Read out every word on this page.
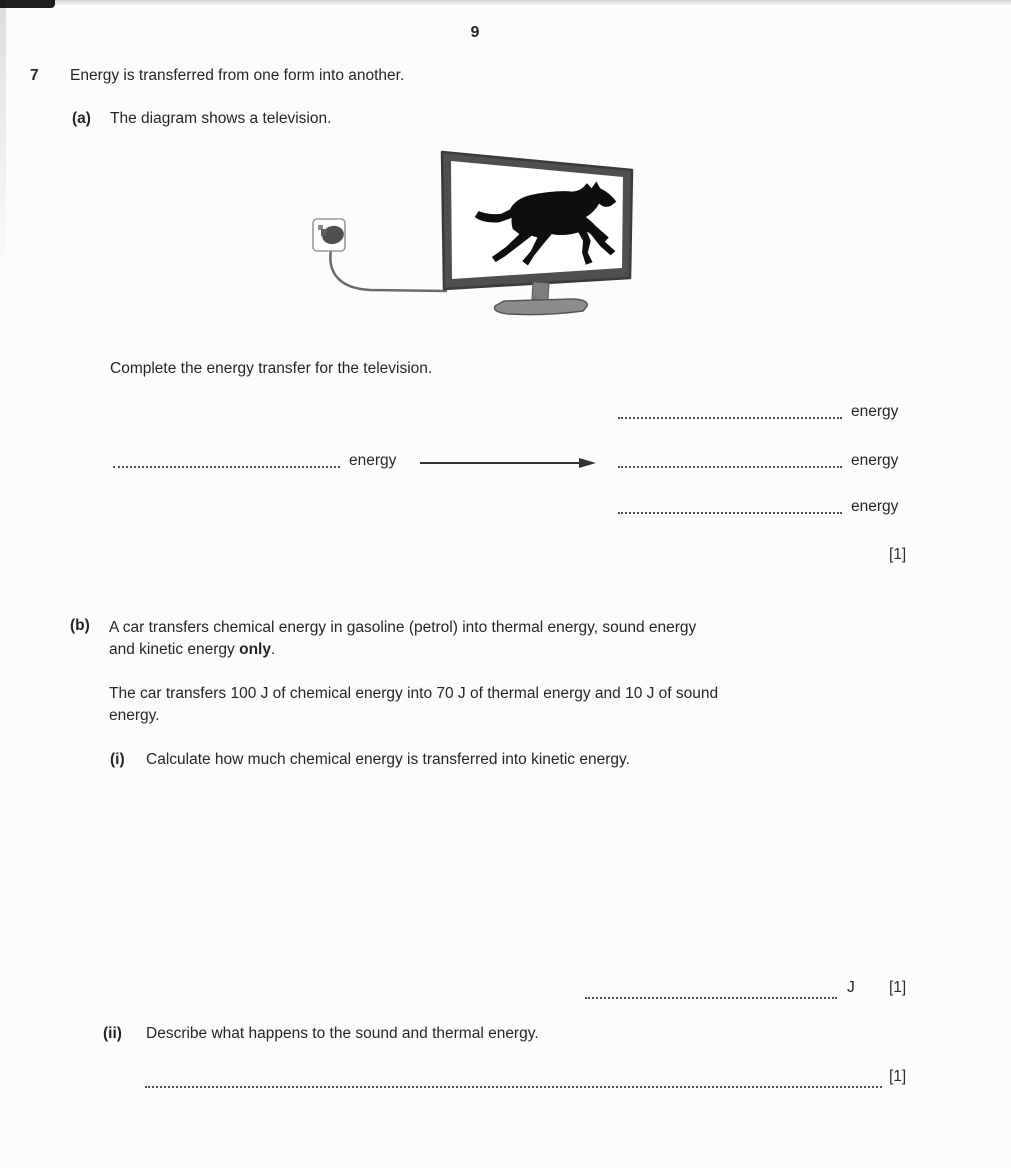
9
7 Energy is transferred from one form into another.
(a) The diagram shows a television.
Complete the energy transfer for the television.
energy
energy	energy
energy
[1]
(b) A car transfers chemical energy in gasoline (petrol) into thermal energy, sound energy
and kinetic energy only.
The car transfers 100 J of chemical energy into 70 J of thermal energy and 10 J of sound
energy.
(i) Calculate how much chemical energy is transferred into kinetic energy.
J [1]
(ii) Describe what happens to the sound and thermal energy.
[1]
